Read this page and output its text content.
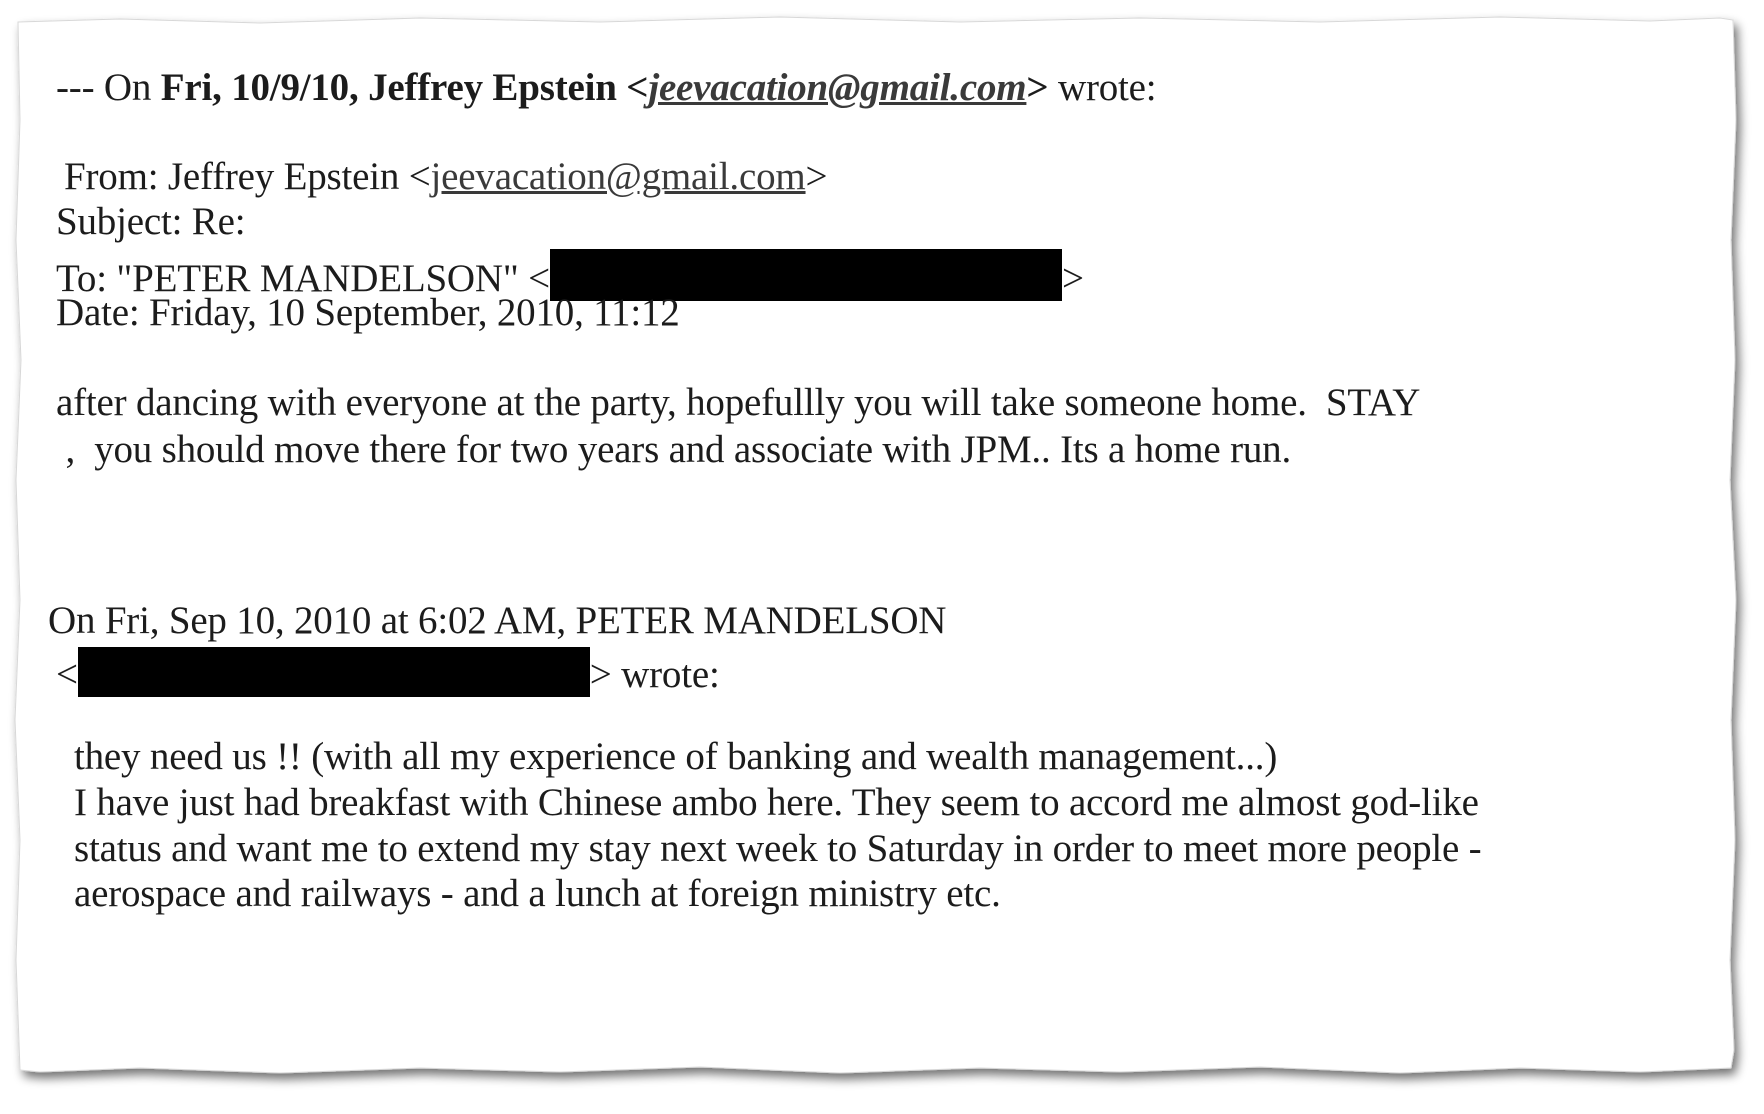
--- On Fri, 10/9/10, Jeffrey Epstein <jeevacation@gmail.com> wrote:
From: Jeffrey Epstein <jeevacation@gmail.com>
Subject: Re:
To: "PETER MANDELSON" <	>
Date: Friday, 10 September, 2010, 11:12
after dancing with everyone at the party, hopefullly you will take someone home.  STAY
,  you should move there for two years and associate with JPM.. Its a home run.
On Fri, Sep 10, 2010 at 6:02 AM, PETER MANDELSON
<	> wrote:
they need us !! (with all my experience of banking and wealth management...)
I have just had breakfast with Chinese ambo here. They seem to accord me almost god-like
status and want me to extend my stay next week to Saturday in order to meet more people -
aerospace and railways - and a lunch at foreign ministry etc.
